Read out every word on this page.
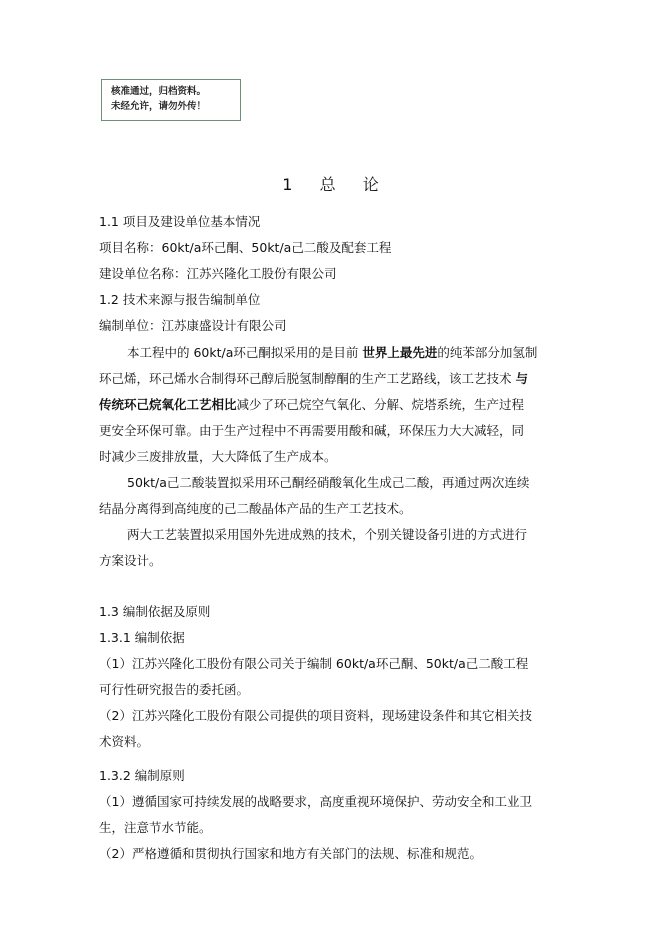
核准通过，归档资料。
未经允许，请勿外传！
1 总 论
1.1 项目及建设单位基本情况
项目名称：60kt/a环己酮、50kt/a己二酸及配套工程
建设单位名称：江苏兴隆化工股份有限公司
1.2 技术来源与报告编制单位
编制单位：江苏康盛设计有限公司
本工程中的 60kt/a环己酮拟采用的是目前 世界上最先进的纯苯部分加氢制
环己烯，环己烯水合制得环己醇后脱氢制醇酮的生产工艺路线，该工艺技术 与
传统环己烷氧化工艺相比减少了环己烷空气氧化、分解、烷塔系统，生产过程
更安全环保可靠。由于生产过程中不再需要用酸和碱，环保压力大大减轻，同
时减少三废排放量，大大降低了生产成本。
50kt/a己二酸装置拟采用环己酮经硝酸氧化生成己二酸，再通过两次连续
结晶分离得到高纯度的己二酸晶体产品的生产工艺技术。
两大工艺装置拟采用国外先进成熟的技术，个别关键设备引进的方式进行
方案设计。
1.3 编制依据及原则
1.3.1 编制依据
（1）江苏兴隆化工股份有限公司关于编制 60kt/a环己酮、50kt/a己二酸工程
可行性研究报告的委托函。
（2）江苏兴隆化工股份有限公司提供的项目资料，现场建设条件和其它相关技
术资料。
1.3.2 编制原则
（1）遵循国家可持续发展的战略要求，高度重视环境保护、劳动安全和工业卫
生，注意节水节能。
（2）严格遵循和贯彻执行国家和地方有关部门的法规、标准和规范。
